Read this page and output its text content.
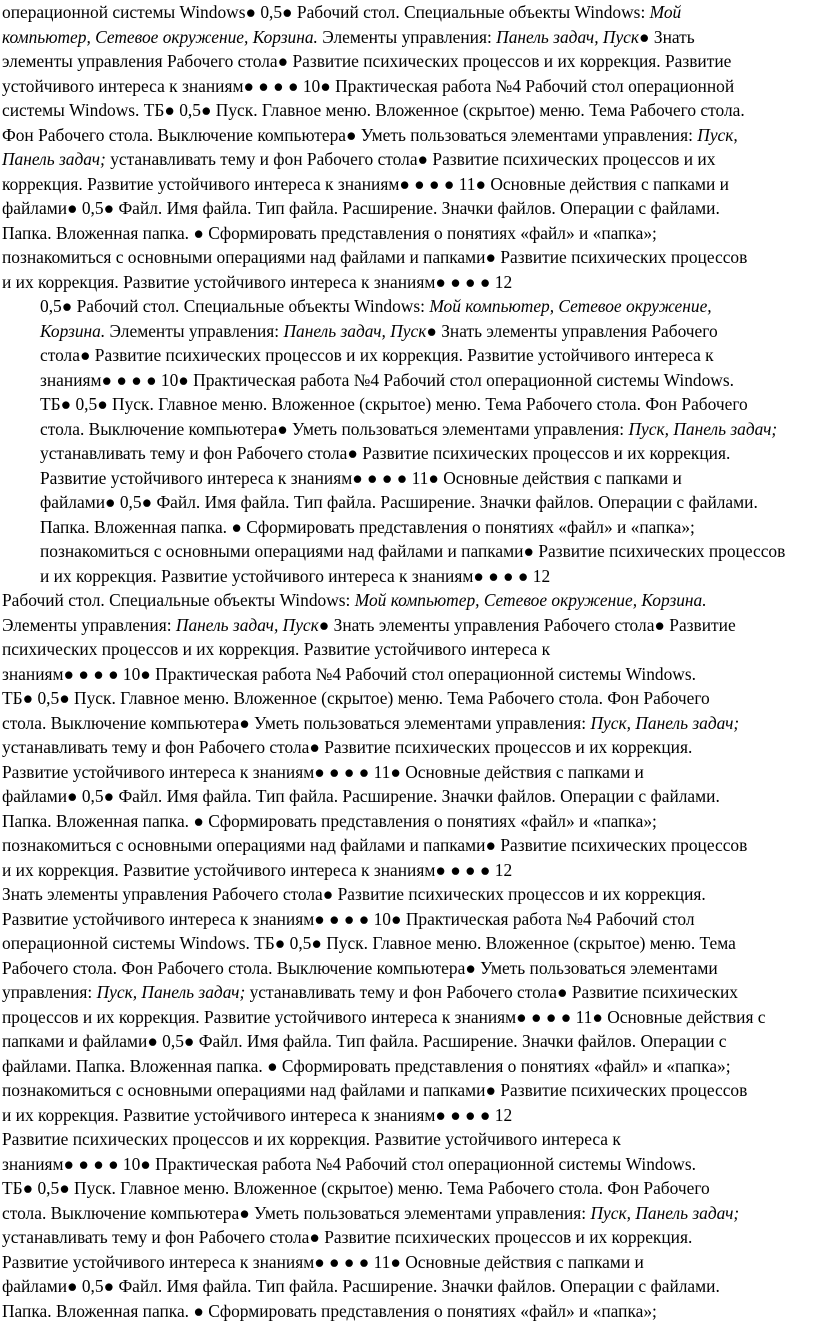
операционной системы Windows● 0,5● Рабочий стол. Специальные объекты Windows: Мой
компьютер, Сетевое окружение, Корзина. Элементы управления: Панель задач, Пуск● Знать
элементы управления Рабочего стола● Развитие психических процессов и их коррекция. Развитие
устойчивого интереса к знаниям● ● ● ● 10● Практическая работа №4 Рабочий стол операционной
системы Windows. ТБ● 0,5● Пуск. Главное меню. Вложенное (скрытое) меню. Тема Рабочего стола.
Фон Рабочего стола. Выключение компьютера● Уметь пользоваться элементами управления: Пуск,
Панель задач; устанавливать тему и фон Рабочего стола● Развитие психических процессов и их
коррекция. Развитие устойчивого интереса к знаниям● ● ● ● 11● Основные действия с папками и
файлами● 0,5● Файл. Имя файла. Тип файла. Расширение. Значки файлов. Операции с файлами.
Папка. Вложенная папка. ● Сформировать представления о понятиях «файл» и «папка»;
познакомиться с основными операциями над файлами и папками● Развитие психических процессов
и их коррекция. Развитие устойчивого интереса к знаниям● ● ● ● 12
0,5● Рабочий стол. Специальные объекты Windows: Мой компьютер, Сетевое окружение,
Корзина. Элементы управления: Панель задач, Пуск● Знать элементы управления Рабочего
стола● Развитие психических процессов и их коррекция. Развитие устойчивого интереса к
знаниям● ● ● ● 10● Практическая работа №4 Рабочий стол операционной системы Windows.
ТБ● 0,5● Пуск. Главное меню. Вложенное (скрытое) меню. Тема Рабочего стола. Фон Рабочего
стола. Выключение компьютера● Уметь пользоваться элементами управления: Пуск, Панель задач;
устанавливать тему и фон Рабочего стола● Развитие психических процессов и их коррекция.
Развитие устойчивого интереса к знаниям● ● ● ● 11● Основные действия с папками и
файлами● 0,5● Файл. Имя файла. Тип файла. Расширение. Значки файлов. Операции с файлами.
Папка. Вложенная папка. ● Сформировать представления о понятиях «файл» и «папка»;
познакомиться с основными операциями над файлами и папками● Развитие психических процессов
и их коррекция. Развитие устойчивого интереса к знаниям● ● ● ● 12
Рабочий стол. Специальные объекты Windows: Мой компьютер, Сетевое окружение, Корзина.
Элементы управления: Панель задач, Пуск● Знать элементы управления Рабочего стола● Развитие
психических процессов и их коррекция. Развитие устойчивого интереса к
знаниям● ● ● ● 10● Практическая работа №4 Рабочий стол операционной системы Windows.
ТБ● 0,5● Пуск. Главное меню. Вложенное (скрытое) меню. Тема Рабочего стола. Фон Рабочего
стола. Выключение компьютера● Уметь пользоваться элементами управления: Пуск, Панель задач;
устанавливать тему и фон Рабочего стола● Развитие психических процессов и их коррекция.
Развитие устойчивого интереса к знаниям● ● ● ● 11● Основные действия с папками и
файлами● 0,5● Файл. Имя файла. Тип файла. Расширение. Значки файлов. Операции с файлами.
Папка. Вложенная папка. ● Сформировать представления о понятиях «файл» и «папка»;
познакомиться с основными операциями над файлами и папками● Развитие психических процессов
и их коррекция. Развитие устойчивого интереса к знаниям● ● ● ● 12
Знать элементы управления Рабочего стола● Развитие психических процессов и их коррекция.
Развитие устойчивого интереса к знаниям● ● ● ● 10● Практическая работа №4 Рабочий стол
операционной системы Windows. ТБ● 0,5● Пуск. Главное меню. Вложенное (скрытое) меню. Тема
Рабочего стола. Фон Рабочего стола. Выключение компьютера● Уметь пользоваться элементами
управления: Пуск, Панель задач; устанавливать тему и фон Рабочего стола● Развитие психических
процессов и их коррекция. Развитие устойчивого интереса к знаниям● ● ● ● 11● Основные действия с
папками и файлами● 0,5● Файл. Имя файла. Тип файла. Расширение. Значки файлов. Операции с
файлами. Папка. Вложенная папка. ● Сформировать представления о понятиях «файл» и «папка»;
познакомиться с основными операциями над файлами и папками● Развитие психических процессов
и их коррекция. Развитие устойчивого интереса к знаниям● ● ● ● 12
Развитие психических процессов и их коррекция. Развитие устойчивого интереса к
знаниям● ● ● ● 10● Практическая работа №4 Рабочий стол операционной системы Windows.
ТБ● 0,5● Пуск. Главное меню. Вложенное (скрытое) меню. Тема Рабочего стола. Фон Рабочего
стола. Выключение компьютера● Уметь пользоваться элементами управления: Пуск, Панель задач;
устанавливать тему и фон Рабочего стола● Развитие психических процессов и их коррекция.
Развитие устойчивого интереса к знаниям● ● ● ● 11● Основные действия с папками и
файлами● 0,5● Файл. Имя файла. Тип файла. Расширение. Значки файлов. Операции с файлами.
Папка. Вложенная папка. ● Сформировать представления о понятиях «файл» и «папка»;
